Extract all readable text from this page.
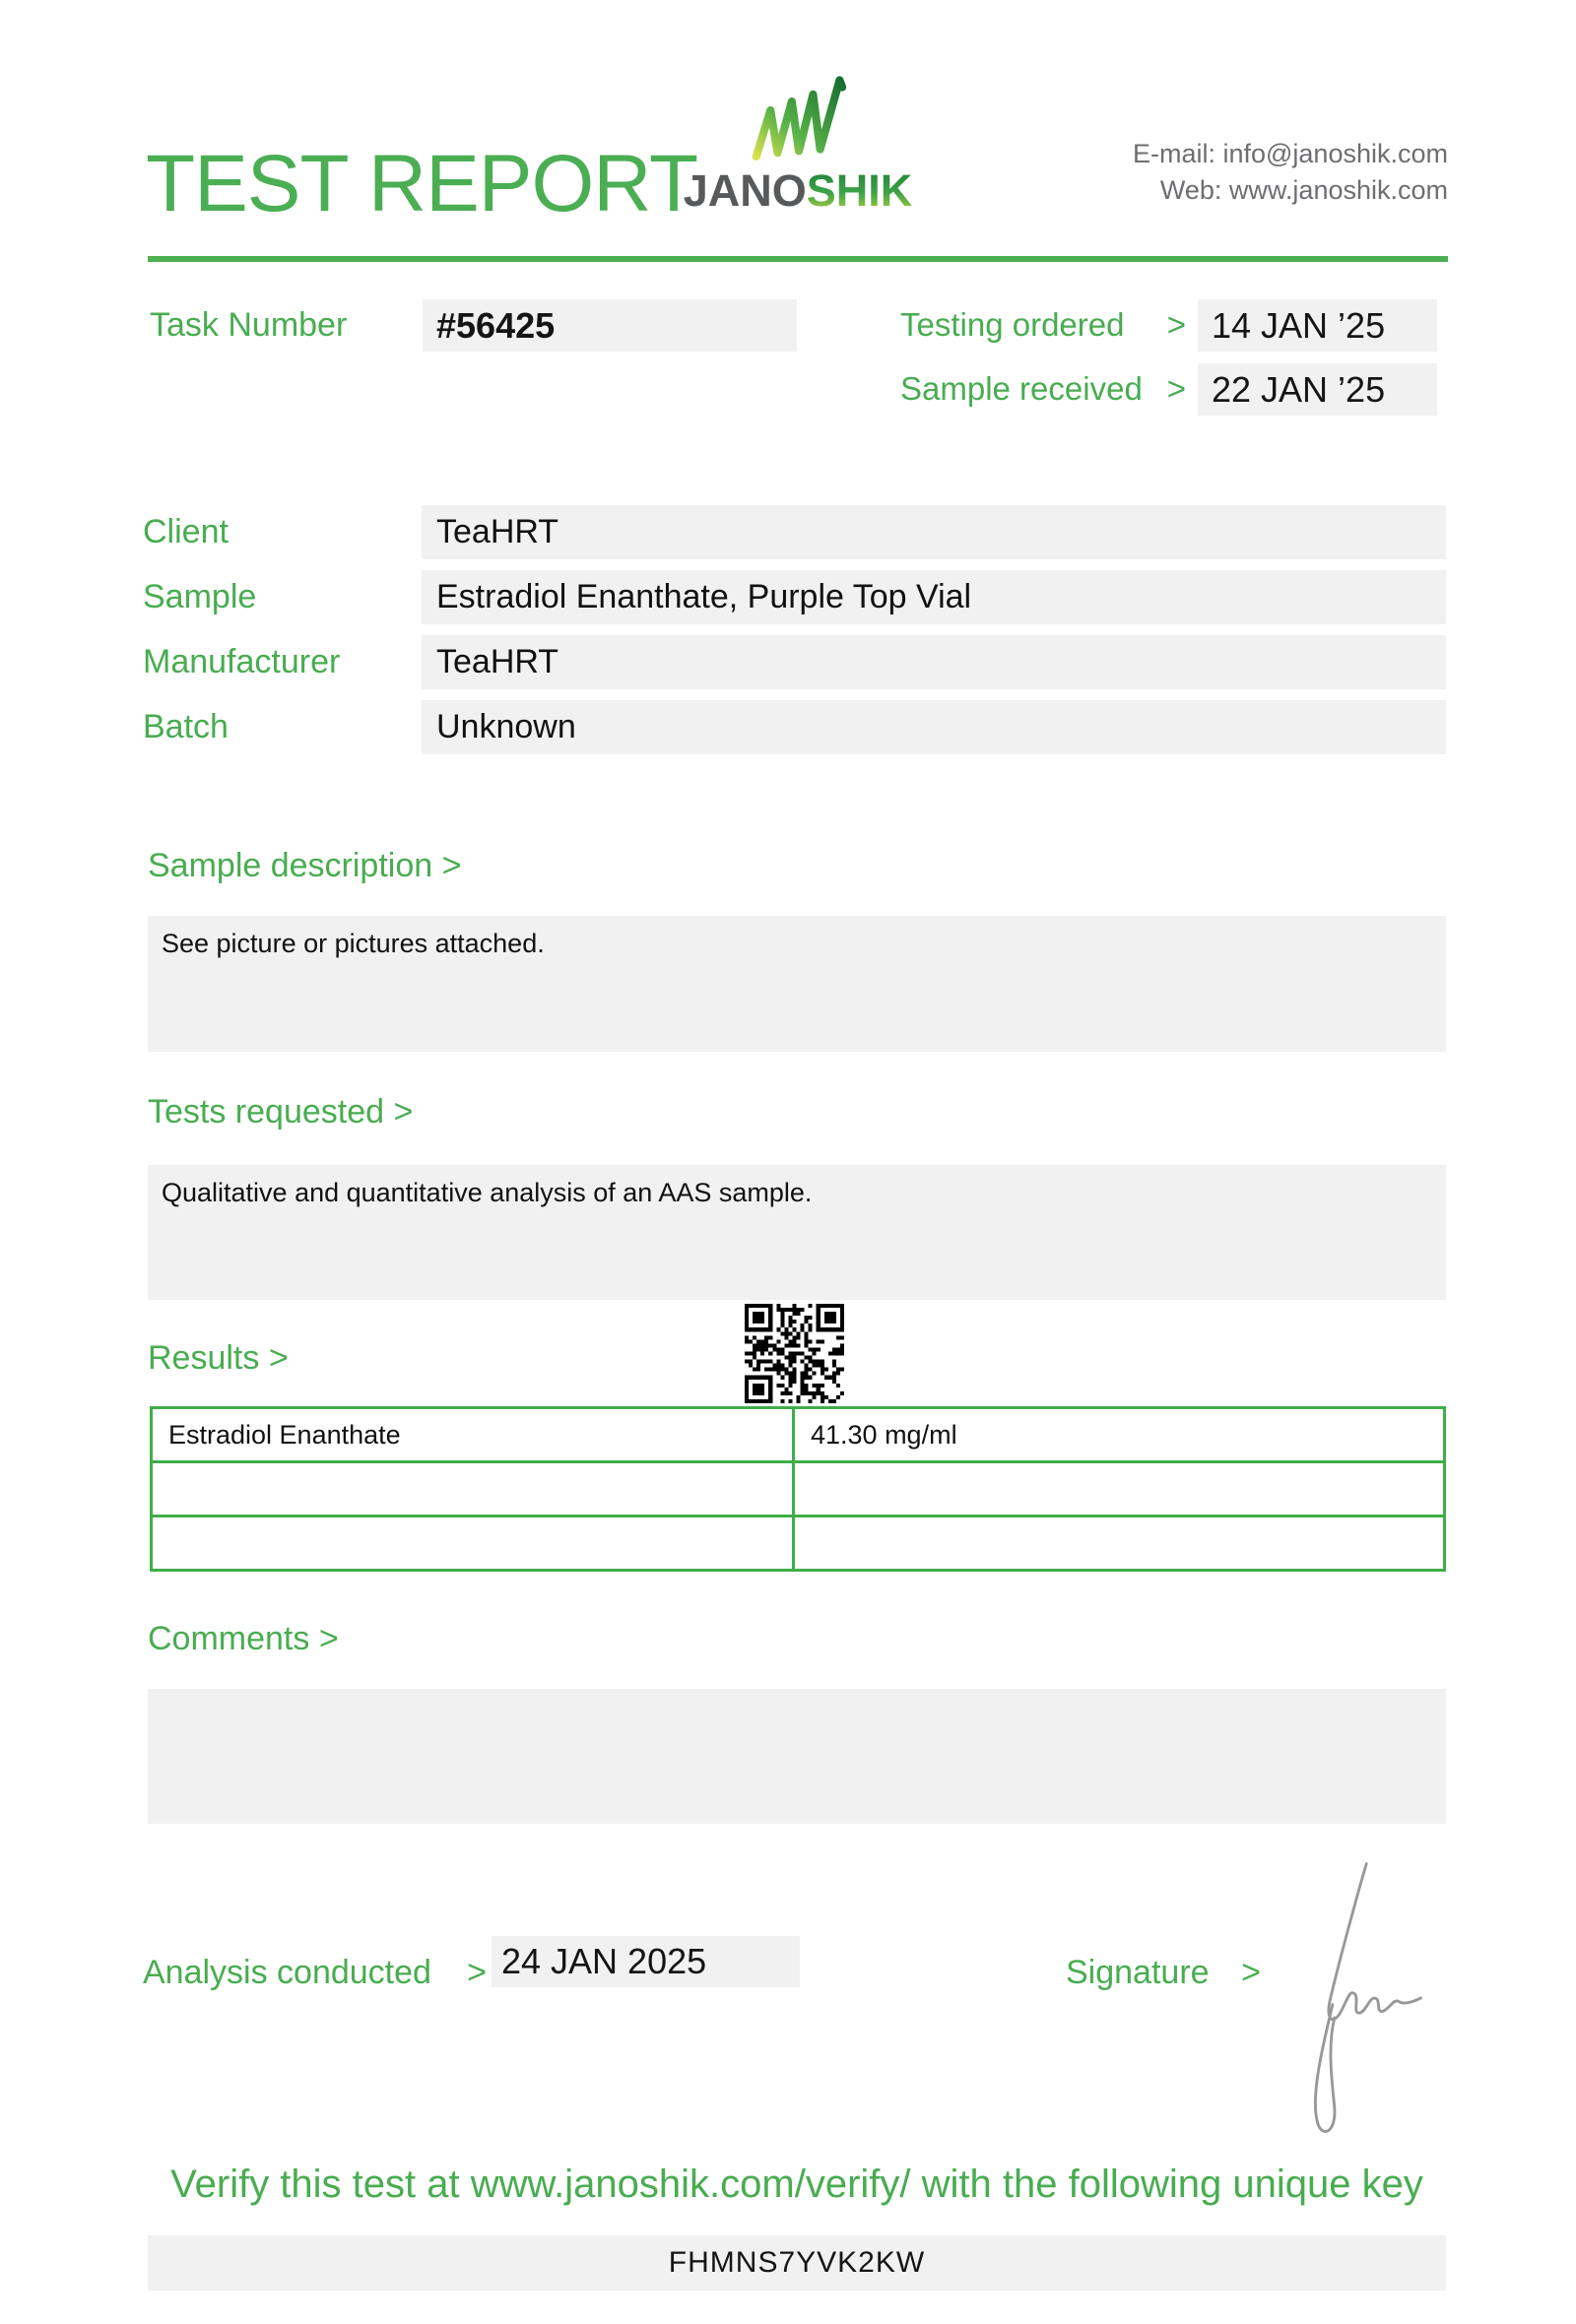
TEST REPORT
JANOSHIK
E-mail: info@janoshik.com
Web: www.janoshik.com
Task Number	#56425	Testing ordered > 14 JAN ’25
Sample received > 22 JAN ’25
Client	TeaHRT
Sample	Estradiol Enanthate, Purple Top Vial
Manufacturer	TeaHRT
Batch	Unknown
Sample description >
See picture or pictures attached.
Tests requested >
Qualitative and quantitative analysis of an AAS sample.
Results >
Estradiol Enanthate	41.30 mg/ml
Comments >
Analysis conducted > 24 JAN 2025	Signature >
Verify this test at www.janoshik.com/verify/ with the following unique key
FHMNS7YVK2KW
